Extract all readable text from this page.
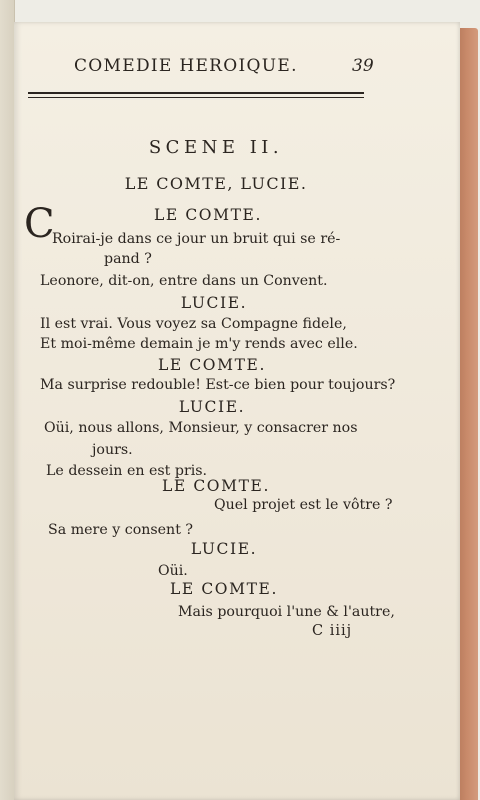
COMEDIE HEROIQUE.	39
SCENE II.
LE COMTE, LUCIE.
LE COMTE.
C
Roirai-je dans ce jour un bruit qui se ré-
pand ?
Leonore, dit-on, entre dans un Convent.
LUCIE.
Il est vrai. Vous voyez sa Compagne fidele,
Et moi-même demain je m'y rends avec elle.
LE COMTE.
Ma surprise redouble! Est-ce bien pour toujours?
LUCIE.
Oüi, nous allons, Monsieur, y consacrer nos
jours.
Le dessein en est pris.
LE COMTE.
Quel projet est le vôtre ?
Sa mere y consent ?
LUCIE.
Oüi.
LE COMTE.
Mais pourquoi l'une & l'autre,
C iiij
